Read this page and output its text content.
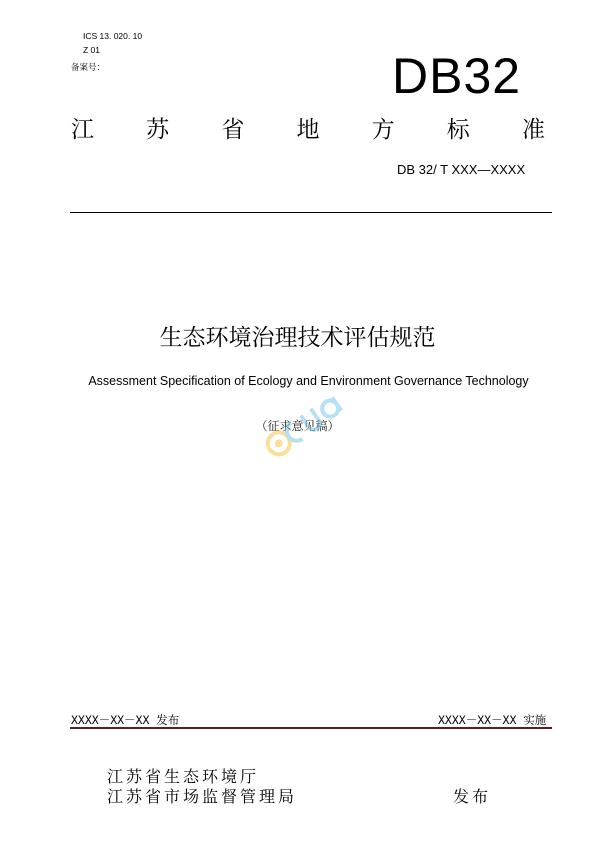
ICS 13. 020. 10
Z 01
备案号：	DB32
江 苏 省 地 方 标 准
DB 32/ T XXX—XXXX
生态环境治理技术评估规范
Assessment Specification of Ecology and Environment Governance Technology
（征求意见稿）
XXXX－XX－XX 发布	XXXX－XX－XX 实施
江苏省生态环境厅
江苏省市场监督管理局	发布
